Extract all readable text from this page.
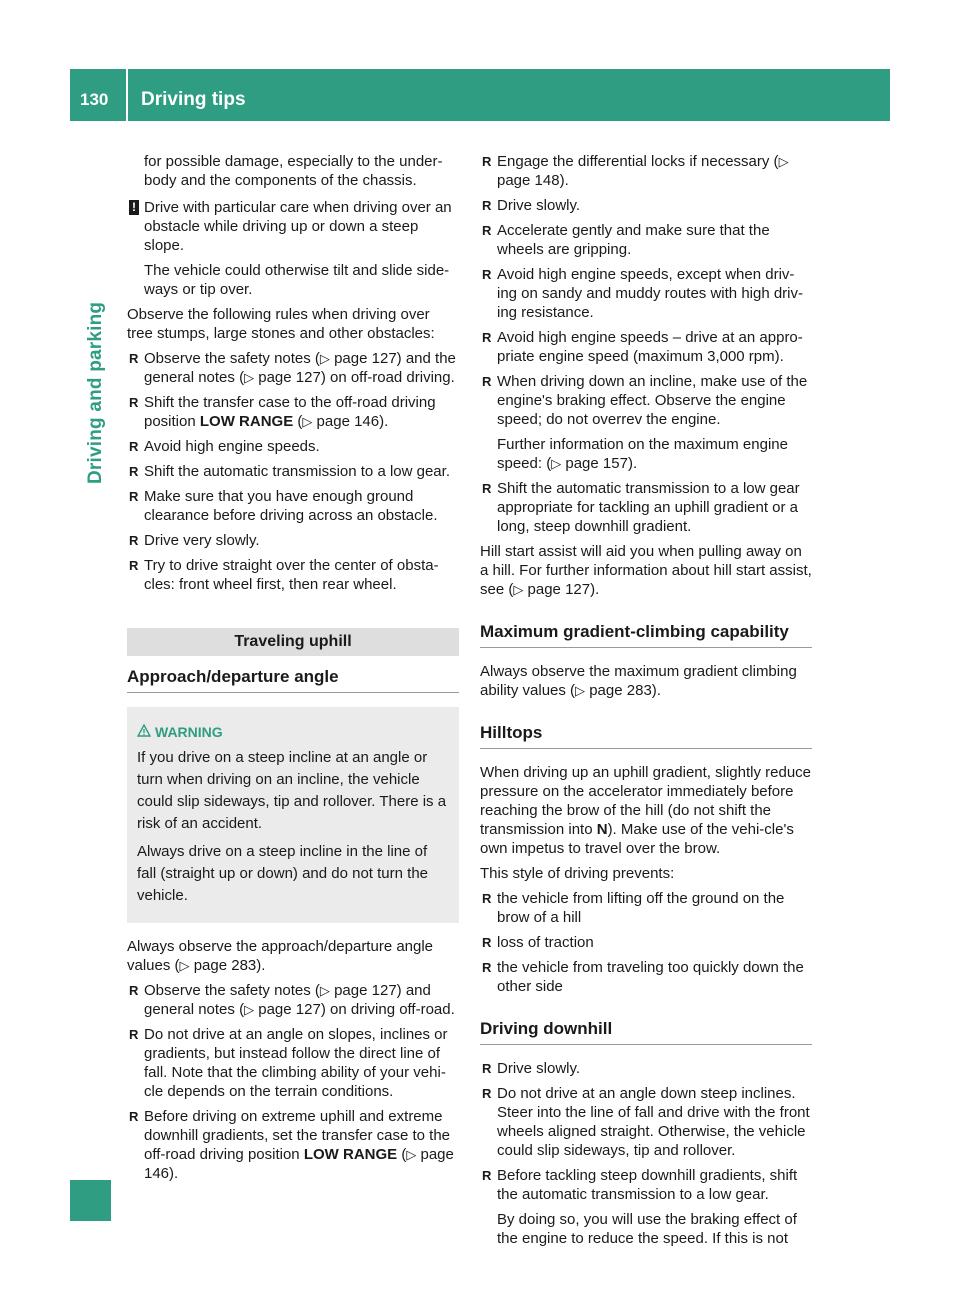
130	Driving tips
Driving and parking

for possible damage, especially to the under-body and the components of the chassis.

! Drive with particular care when driving over an obstacle while driving up or down a steep slope.

The vehicle could otherwise tilt and slide side-ways or tip over.

Observe the following rules when driving over tree stumps, large stones and other obstacles:

R Observe the safety notes (▷ page 127) and the general notes (▷ page 127) on off-road driving.
R Shift the transfer case to the off-road driving position LOW RANGE (▷ page 146).
R Avoid high engine speeds.
R Shift the automatic transmission to a low gear.
R Make sure that you have enough ground clearance before driving across an obstacle.
R Drive very slowly.
R Try to drive straight over the center of obsta-cles: front wheel first, then rear wheel.
Traveling uphill
Approach/departure angle
WARNING

If you drive on a steep incline at an angle or turn when driving on an incline, the vehicle could slip sideways, tip and rollover. There is a risk of an accident.

Always drive on a steep incline in the line of fall (straight up or down) and do not turn the vehicle.

Always observe the approach/departure angle values (▷ page 283).

R Observe the safety notes (▷ page 127) and general notes (▷ page 127) on driving off-road.
R Do not drive at an angle on slopes, inclines or gradients, but instead follow the direct line of fall. Note that the climbing ability of your vehi-cle depends on the terrain conditions.
R Before driving on extreme uphill and extreme downhill gradients, set the transfer case to the off-road driving position LOW RANGE (▷ page 146).
R Engage the differential locks if necessary (▷ page 148).
R Drive slowly.
R Accelerate gently and make sure that the wheels are gripping.
R Avoid high engine speeds, except when driv-ing on sandy and muddy routes with high driv-ing resistance.
R Avoid high engine speeds – drive at an appro-priate engine speed (maximum 3,000 rpm).
R When driving down an incline, make use of the engine's braking effect. Observe the engine speed; do not overrev the engine.
Further information on the maximum engine speed: (▷ page 157).
R Shift the automatic transmission to a low gear appropriate for tackling an uphill gradient or a long, steep downhill gradient.

Hill start assist will aid you when pulling away on a hill. For further information about hill start assist, see (▷ page 127).

Maximum gradient-climbing capability

Always observe the maximum gradient climbing ability values (▷ page 283).

Hilltops

When driving up an uphill gradient, slightly reduce pressure on the accelerator immediately before reaching the brow of the hill (do not shift the transmission into N). Make use of the vehi-cle's own impetus to travel over the brow.

This style of driving prevents:

R the vehicle from lifting off the ground on the brow of a hill
R loss of traction
R the vehicle from traveling too quickly down the other side
Driving downhill
R Drive slowly.
R Do not drive at an angle down steep inclines. Steer into the line of fall and drive with the front wheels aligned straight. Otherwise, the vehicle could slip sideways, tip and rollover.
R Before tackling steep downhill gradients, shift the automatic transmission to a low gear.
By doing so, you will use the braking effect of the engine to reduce the speed. If this is not
